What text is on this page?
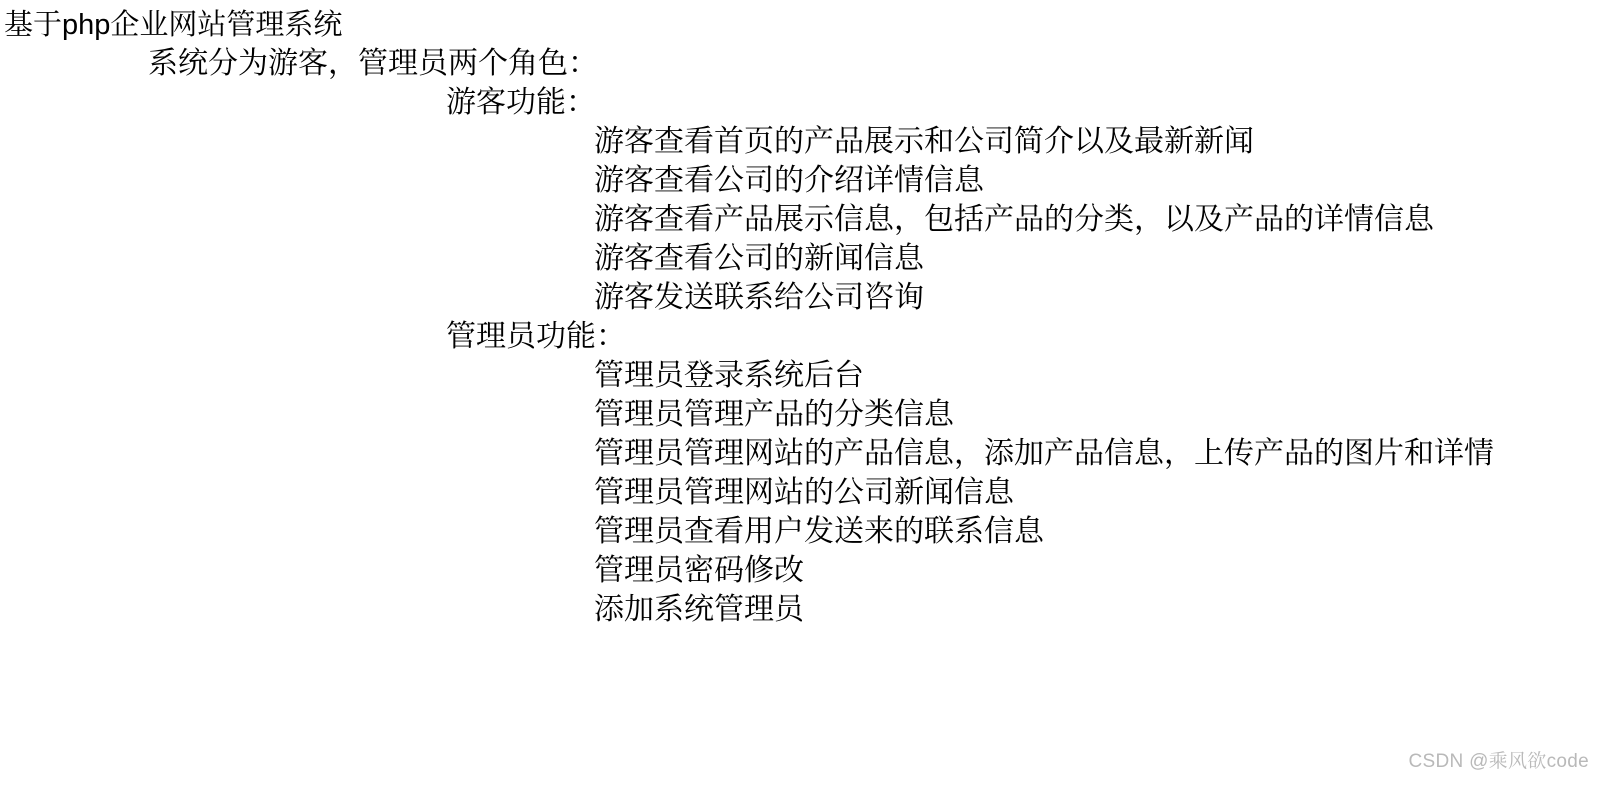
基于php企业网站管理系统
系统分为游客，管理员两个角色：
游客功能：
游客查看首页的产品展示和公司简介以及最新新闻
游客查看公司的介绍详情信息
游客查看产品展示信息，包括产品的分类，以及产品的详情信息
游客查看公司的新闻信息
游客发送联系给公司咨询
管理员功能：
管理员登录系统后台
管理员管理产品的分类信息
管理员管理网站的产品信息，添加产品信息，上传产品的图片和详情
管理员管理网站的公司新闻信息
管理员查看用户发送来的联系信息
管理员密码修改
添加系统管理员
CSDN @乘风欲code
